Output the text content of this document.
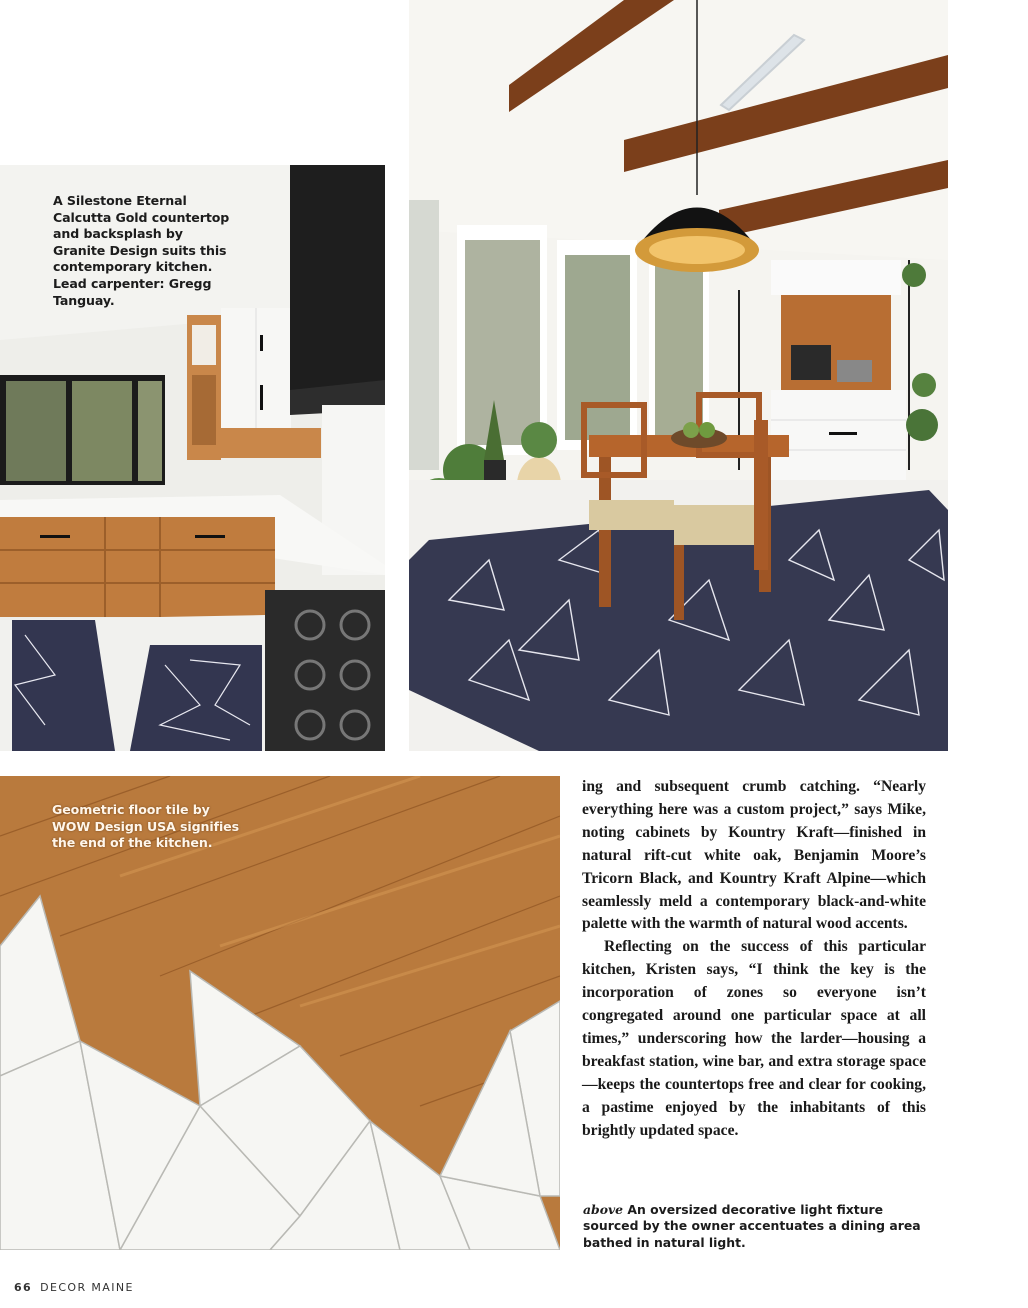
A Silestone Eternal Calcutta Gold countertop and backsplash by Granite Design suits this contemporary kitchen. Lead carpenter: Gregg Tanguay.
Geometric floor tile by WOW Design USA signifies the end of the kitchen.

ing and subsequent crumb catching. “Nearly everything here was a custom project,” says Mike, noting cabinets by Kountry Kraft—finished in natural rift-cut white oak, Benjamin Moore’s Tricorn Black, and Kountry Kraft Alpine—which seamlessly meld a contemporary black-and-white palette with the warmth of natural wood accents.

Reflecting on the success of this particular kitchen, Kristen says, “I think the key is the incorporation of zones so everyone isn’t congregated around one particular space at all times,” underscoring how the larder—housing a breakfast station, wine bar, and extra storage space—keeps the countertops free and clear for cooking, a pastime enjoyed by the inhabitants of this brightly updated space.

above An oversized decorative light fixture sourced by the owner accentuates a dining area bathed in natural light.
66 DECOR MAINE
